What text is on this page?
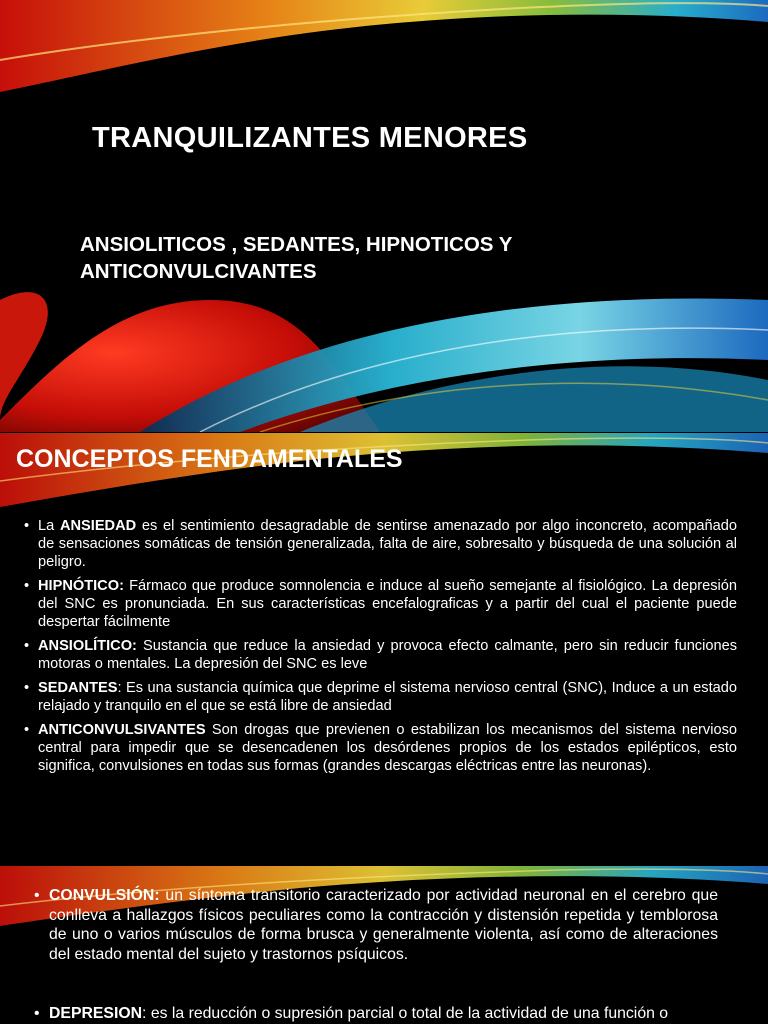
TRANQUILIZANTES MENORES
ANSIOLITICOS , SEDANTES, HIPNOTICOS Y ANTICONVULCIVANTES
CONCEPTOS FENDAMENTALES
• La ANSIEDAD es el sentimiento desagradable de sentirse amenazado por algo inconcreto, acompañado de sensaciones somáticas de tensión generalizada, falta de aire, sobresalto y búsqueda de una solución al peligro.
• HIPNÓTICO: Fármaco que produce somnolencia e induce al sueño semejante al fisiológico. La depresión del SNC es pronunciada. En sus características encefalograficas y a partir del cual el paciente puede despertar fácilmente
• ANSIOLÍTICO: Sustancia que reduce la ansiedad y provoca efecto calmante, pero sin reducir funciones motoras o mentales. La depresión del SNC es leve
• SEDANTES: Es una sustancia química que deprime el sistema nervioso central (SNC), Induce a un estado relajado y tranquilo en el que se está libre de ansiedad
• ANTICONVULSIVANTES Son drogas que previenen o estabilizan los mecanismos del sistema nervioso central para impedir que se desencadenen los desórdenes propios de los estados epilépticos, esto significa, convulsiones en todas sus formas (grandes descargas eléctricas entre las neuronas).
• CONVULSIÓN: un síntoma transitorio caracterizado por actividad neuronal en el cerebro que conlleva a hallazgos físicos peculiares como la contracción y distensión repetida y temblorosa de uno o varios músculos de forma brusca y generalmente violenta, así como de alteraciones del estado mental del sujeto y trastornos psíquicos.
• DEPRESION: es la reducción o supresión parcial o total de la actividad de una función o
